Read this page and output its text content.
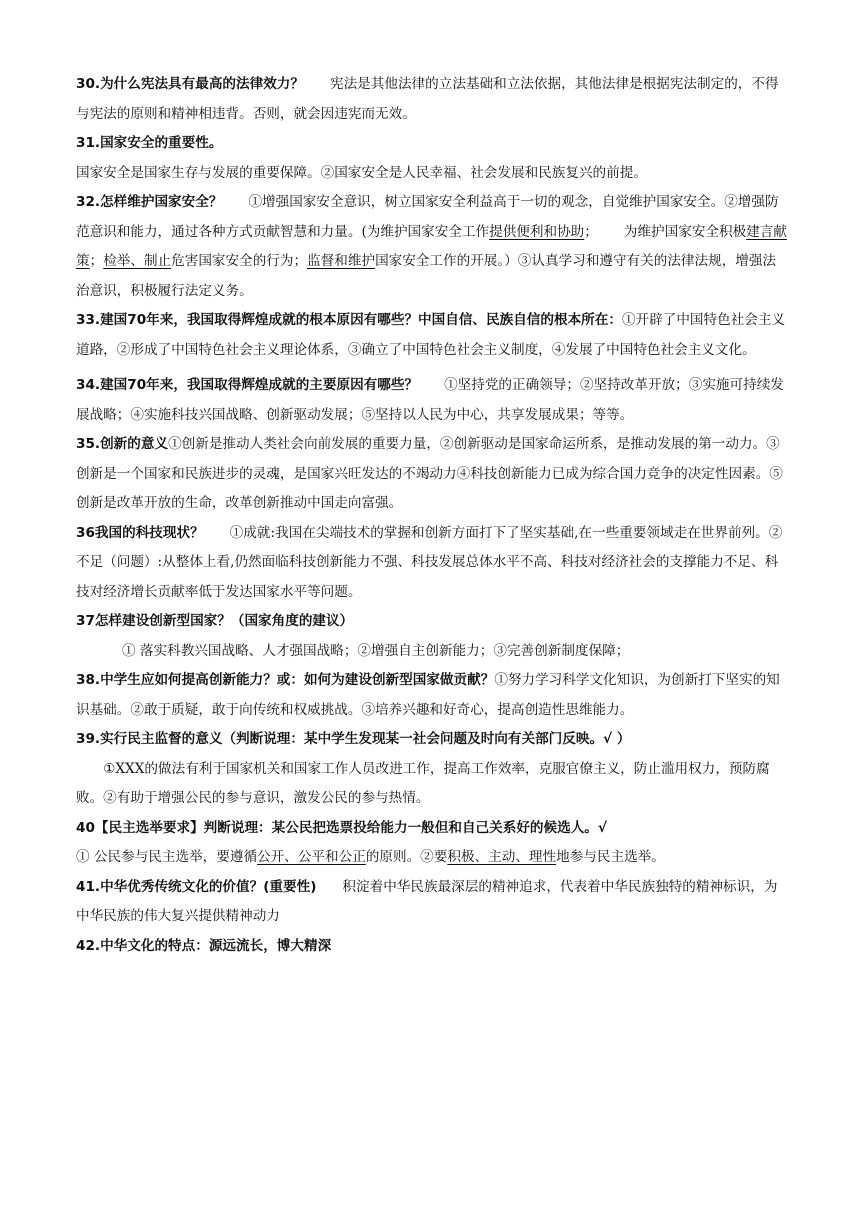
30.为什么宪法具有最高的法律效力？ 宪法是其他法律的立法基础和立法依据，其他法律是根据宪法制定的，不得与宪法的原则和精神相违背。否则，就会因违宪而无效。

31.国家安全的重要性。

国家安全是国家生存与发展的重要保障。②国家安全是人民幸福、社会发展和民族复兴的前提。

32.怎样维护国家安全？ ①增强国家安全意识，树立国家安全利益高于一切的观念，自觉维护国家安全。②增强防范意识和能力，通过各种方式贡献智慧和力量。(为维护国家安全工作提供便利和协助； 为维护国家安全积极建言献策；检举、制止危害国家安全的行为；监督和维护国家安全工作的开展。）③认真学习和遵守有关的法律法规，增强法治意识，积极履行法定义务。

33.建国70年来，我国取得辉煌成就的根本原因有哪些？中国自信、民族自信的根本所在：①开辟了中国特色社会主义道路，②形成了中国特色社会主义理论体系，③确立了中国特色社会主义制度，④发展了中国特色社会主义文化。

34.建国70年来，我国取得辉煌成就的主要原因有哪些？ ①坚持党的正确领导；②坚持改革开放；③实施可持续发展战略；④实施科技兴国战略、创新驱动发展；⑤坚持以人民为中心，共享发展成果；等等。

35.创新的意义①创新是推动人类社会向前发展的重要力量，②创新驱动是国家命运所系，是推动发展的第一动力。③创新是一个国家和民族进步的灵魂，是国家兴旺发达的不竭动力④科技创新能力已成为综合国力竞争的决定性因素。⑤创新是改革开放的生命，改革创新推动中国走向富强。

36我国的科技现状？ ①成就:我国在尖端技术的掌握和创新方面打下了坚实基础,在一些重要领域走在世界前列。②不足（问题）:从整体上看,仍然面临科技创新能力不强、科技发展总体水平不高、科技对经济社会的支撑能力不足、科技对经济增长贡献率低于发达国家水平等问题。

37怎样建设创新型国家？（国家角度的建议）

① 落实科教兴国战略、人才强国战略；②增强自主创新能力；③完善创新制度保障；

38.中学生应如何提高创新能力？或：如何为建设创新型国家做贡献？①努力学习科学文化知识，为创新打下坚实的知识基础。②敢于质疑，敢于向传统和权威挑战。③培养兴趣和好奇心，提高创造性思维能力。

39.实行民主监督的意义（判断说理：某中学生发现某一社会问题及时向有关部门反映。√ ）

①XXX的做法有利于国家机关和国家工作人员改进工作，提高工作效率，克服官僚主义，防止滥用权力，预防腐败。②有助于增强公民的参与意识，激发公民的参与热情。

40【民主选举要求】判断说理：某公民把选票投给能力一般但和自己关系好的候选人。√

① 公民参与民主选举，要遵循公开、公平和公正的原则。②要积极、主动、理性地参与民主选举。

41.中华优秀传统文化的价值？(重要性) 积淀着中华民族最深层的精神追求，代表着中华民族独特的精神标识，为中华民族的伟大复兴提供精神动力

42.中华文化的特点：源远流长，博大精深
